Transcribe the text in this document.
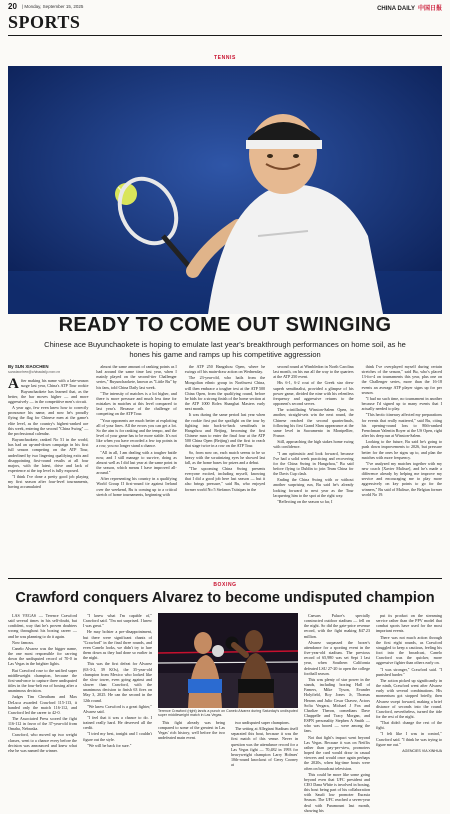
20 | Monday, September 15, 2025	CHINA DAILY 中国日报
SPORTS
TENNIS
READY TO COME OUT SWINGING
Chinese ace Buyunchaokete is hoping to emulate last year's breakthrough performances on home soil, as he hones his game and ramps up his competitive aggression
By SUN XIAOCHEN
sunxiaochen@chinadaily.com.cn

After making his name with a late-season surge last year, China's ATP Tour rookie Buyunchaokete has learned that, as the better, the bar moves higher — and more aggressively — in the competitive men's circuit.

A year ago, few even knew how to correctly pronounce his name, and now he's proudly flying the flag for Chinese men at the game's elite level, as the country's highest-ranked ace this week, entering the second "China Swing" — the professional calendar.

Buyunchaokete, ranked No 51 in the world, has had an up-and-down campaign in his first full season competing on the ATP Tour, underlined by two lingering qualifying exits and disappointing first-round results at all four majors, with the latest, drive and lack of experience at the top level is fully exposed.

"I think I've done a pretty good job playing my first season after four-level tournaments, having accumulated

almost the same amount of ranking points as I had around the same time last year, when I mainly played on the second-tier Challenger series," Buyunchaokete, known as "Little Bu" by his fans, told China Daily last week.

"The intensity of matches is a lot higher, and there is more pressure and much less time for mistakes in matches at this level compared to last year's. Because of the challenge of competing on the ATP Tour.

"Your opponents are much better at exploiting all of your lines. All the errors you can get a lot. So the aim is for ranking and the tempo, and the level of your game has to be more stable. It's not like when you have recorded a few top points in a row, you no longer stand a chance.

"All in all, I am dealing with a tougher battle now, and I still manage to survive, doing as almost well as I did last year at the same point in the season, which means I have improved all-around."

After representing his country in a qualifying World Group II first-round tie against Ireland over the weekend, Bu is coming up to a critical stretch of home tournaments, beginning with

the ATP 250 Hangzhou Open, where he swings off his main-draw action on Wednesday.

The 23-year-old, who hails from the Mongolian ethnic group in Northwest China, will then embrace a tougher test at the ATP 500 China Open, from the qualifying round, before he bids for a strong finish of the home section at the ATP 1000 Rolex Shanghai Masters early next month.

It was during the same period last year when the rookie first put the spotlight on the tour by fighting into back-to-back semifinals in Hangzhou and Beijing, becoming the first Chinese man to enter the final four at the ATP 500 China Open (Beijing) and the first to reach that stage twice in a row on the ATP Tour.

So, from now on, each match seems to be so heavy with the scrutinizing eyes he showed last fall, as the home bases for prizes and a debut.

"The upcoming China Swing presents everyone excited, including myself, knowing that I did a good job here last season — but it also brings pressure," said Bu, who enjoyed former world No 5 Stefanos Tsitsipas in the

second round at Wimbledon in North Carolina last month, on his run all the way to the quarters at the ATP 250 event.

His 6-1, 6-2 rout of the Greek star drew superb semifinalist, provided a glimpse of his power game, divided the nine with his relentless frequency and aggressive returns to the opponent's second serves.

The scintillating Winston-Salem Open, in another, straight-sets win the next round, the Chinese reached the second quarterfinals, following his first Grand Slam appearance at the same level in Sacramento in Montpellier, France.

Still, approaching the high stakes home swing with confidence.

"I am optimistic and look forward, because I've had a solid week practicing and recovering for the China Swing in Hangzhou," Bu said before flying to Dublin to join Team China for the Davis Cup clash.

Ending the China Swing with or without another surprising run, Bu said he's already looking forward to next year as the Tour lacquering him to the spot at the right way.

"Reflecting on the season so far, I

think I've overplayed myself during certain stretches of the season," said Bu, who's placed 13-for-4 on tournaments this year, plus one on the Challenger series, more than the 16-18 events an average ATP player signs up for per season.

"I had no such time, no tournament in another because I'd signed up to many events that I actually needed to play.

"This hectic itinerary affected my preparations for events that really mattered," said Bu, citing his opening-round loss to 80th-ranked Frenchman Valentin Royer at the US Open, right after his deep run at Winston-Salem.

Looking to the future, Bu said he's going to push down improvements to 2026, but pressure better for the ones he signs up to, and plan the matches with more frequency.

"I've analyzed my matches together with my new coach [Xavier Malisse], and he's made a difference already by helping me improve my service and encouraging me to play more aggressively on key points to go for the winners," Bu said of Malisse, the Belgian former world No 19.

BOXING
Crawford conquers Alvarez to become undisputed champion

LAS VEGAS — Terence Crawford said several times in his self-doubt, but confident, way that he's proven doubters wrong throughout his boxing career — and he was planning to do it again.

Now famous.

Canelo Alvarez was the bigger name, the one most responsible for carving down the undisputed record of 70-0 in Las Vegas in the brighter lights.

But Crawford rose to the unified super middleweight champion, because the first-and-once to capture three undisputed titles in the four-belt era of boxing after a unanimous decision.

Judges Tim Cheatham and Max DeLuca awarded Crawford 115-113, it handed only the match 116-112, and Crawford led the career to 42-0.

The Associated Press scored the fight 116-112 in favor of the 37-year-old from Omaha, Nebraska.

Crawford, who moved up two weight classes, went to a chance every before the decision was announced and knew what else he was named the winner.

"I knew what I'm capable of," Crawford said. "I'm not surprised. I knew I was great."

He may bolster a pre-disappointment, but there were significant chants of "Crawford" in the final three rounds, and even Canelo looks, we didn't try to lure them down as they had done so earlier in the night.

This was the first defeat for Alvarez (63-3-2, 39 KOs), the 35-year-old champion from Mexico who looked like the slow tower, even going against and slower than Crawford, with the unanimous decision to finish 63 fires on May 3, 2025. He can the second in the 12th round.

"We knew Crawford is a great fighter," Alvarez said.

"I feel that it was a chance to do. I trained really hard. He deserved all the credit.

"I tried my best, tonight and I couldn't figure out the style.

"We will be back for sure."

Terence Crawford (right) lands a punch on Canelo Alvarez during Saturday's undisputed super middleweight match in Las Vegas.

This fight already was being compared to some of the greatest in Las Vegas' rich history, well before the two undefeated main event.

two undisputed super champions.

The setting at Allegiant Stadium itself separated this bout, because it was the first match of this venue. Never in question was the attendance record for a Las Vegas fight — 70,482 in 1993 for heavyweight champion Larry Holmes' 10th-round knockout of Gerry Cooney at

Caesars Palace's specially constructed outdoor stadium — fell on the night. So did the gate-price revenue record, with the fight making $47.23 million.

Alvarez surpassed the boxer's attendance for a sporting event in the five-year-old stadium. The previous record of 65,980 was set Sept 1 last year, when Southern California defeated LSU 27-20 to open the college football season.

This was plenty of star power in the stands, including boxing Hall of Famers, Mike Tyson, Evander Holyfield, Roy Jones Jr, Thomas Hearns and Julio Cesar Chavez, Actors Sofia Vergara, Michael J Fox and Charlize Theron, comedians Dave Chappelle and Tracy Morgan, and ESPN personality Stephen A Smith — who was booed — were among the fans.

Not that fight's impact went beyond Las Vegas. Because it was on Netflix rather than pay-per-view, promoters hoped the card would draw in casual viewers and would once again perhaps the 2020s, when big-time bouts were often on broadcast television.

This could be more like some going beyond even that UFC president and CEO Dana White is involved in boxing, this bout being part of his collaboration with Saudi low promoter Eurasia Season. The UFC reached a seven-year deal with Paramount last month, showing his

put its product on the streaming service rather than the PPV model that combat sports have used for the most important events.

There was not much action through the first eight rounds, as Crawford struggled to keep a cautious, feeling his foot into the broadcast, Canelo Crawford was the quicker, more aggressive fighter than others early on.

"I was stronger," Crawford said. "I punished harder."

The action picked up significantly in the ninth, Crawford went after Alvarez early with several combinations. His momentum got stopped briefly, then Alvarez swept forward, making a brief distance of seconds into the round. Crawford, nevertheless, turned the tide for the rest of the night.

"That didn't change the rest of the fight.

"I felt like I was in control," Crawford said. "I think he was trying to figure me out."

AGENCIES VIA XINHUA
